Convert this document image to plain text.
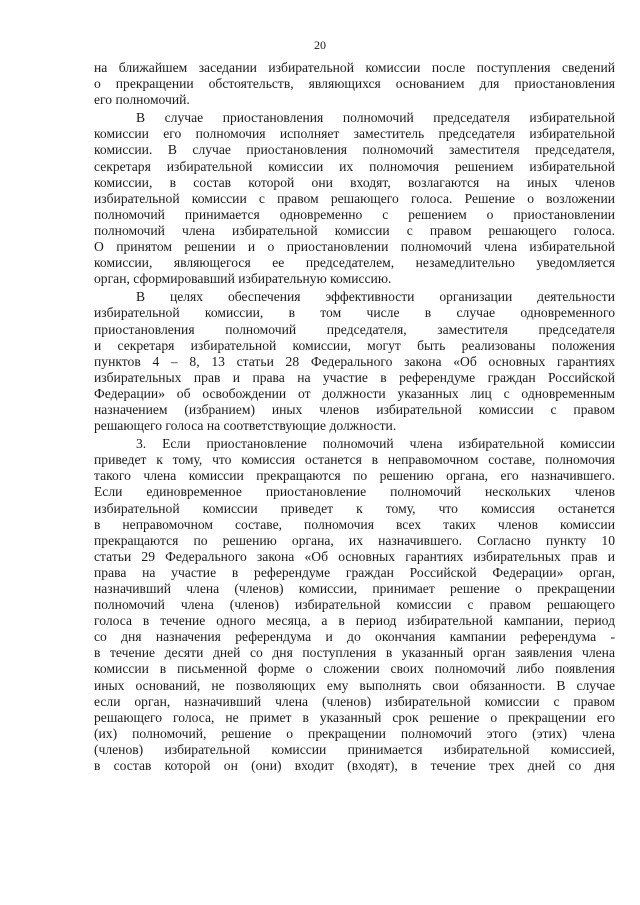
20
на ближайшем заседании избирательной комиссии после поступления сведений
о прекращении обстоятельств, являющихся основанием для приостановления
его полномочий.
В случае приостановления полномочий председателя избирательной
комиссии его полномочия исполняет заместитель председателя избирательной
комиссии. В случае приостановления полномочий заместителя председателя,
секретаря избирательной комиссии их полномочия решением избирательной
комиссии, в состав которой они входят, возлагаются на иных членов
избирательной комиссии с правом решающего голоса. Решение о возложении
полномочий принимается одновременно с решением о приостановлении
полномочий члена избирательной комиссии с правом решающего голоса.
О принятом решении и о приостановлении полномочий члена избирательной
комиссии, являющегося ее председателем, незамедлительно уведомляется
орган, сформировавший избирательную комиссию.
В целях обеспечения эффективности организации деятельности
избирательной комиссии, в том числе в случае одновременного
приостановления полномочий председателя, заместителя председателя
и секретаря избирательной комиссии, могут быть реализованы положения
пунктов 4 – 8, 13 статьи 28 Федерального закона «Об основных гарантиях
избирательных прав и права на участие в референдуме граждан Российской
Федерации» об освобождении от должности указанных лиц с одновременным
назначением (избранием) иных членов избирательной комиссии с правом
решающего голоса на соответствующие должности.
3. Если приостановление полномочий члена избирательной комиссии
приведет к тому, что комиссия останется в неправомочном составе, полномочия
такого члена комиссии прекращаются по решению органа, его назначившего.
Если единовременное приостановление полномочий нескольких членов
избирательной комиссии приведет к тому, что комиссия останется
в неправомочном составе, полномочия всех таких членов комиссии
прекращаются по решению органа, их назначившего. Согласно пункту 10
статьи 29 Федерального закона «Об основных гарантиях избирательных прав и
права на участие в референдуме граждан Российской Федерации» орган,
назначивший члена (членов) комиссии, принимает решение о прекращении
полномочий члена (членов) избирательной комиссии с правом решающего
голоса в течение одного месяца, а в период избирательной кампании, период
со дня назначения референдума и до окончания кампании референдума -
в течение десяти дней со дня поступления в указанный орган заявления члена
комиссии в письменной форме о сложении своих полномочий либо появления
иных оснований, не позволяющих ему выполнять свои обязанности. В случае
если орган, назначивший члена (членов) избирательной комиссии с правом
решающего голоса, не примет в указанный срок решение о прекращении его
(их) полномочий, решение о прекращении полномочий этого (этих) члена
(членов) избирательной комиссии принимается избирательной комиссией,
в состав которой он (они) входит (входят), в течение трех дней со дня
